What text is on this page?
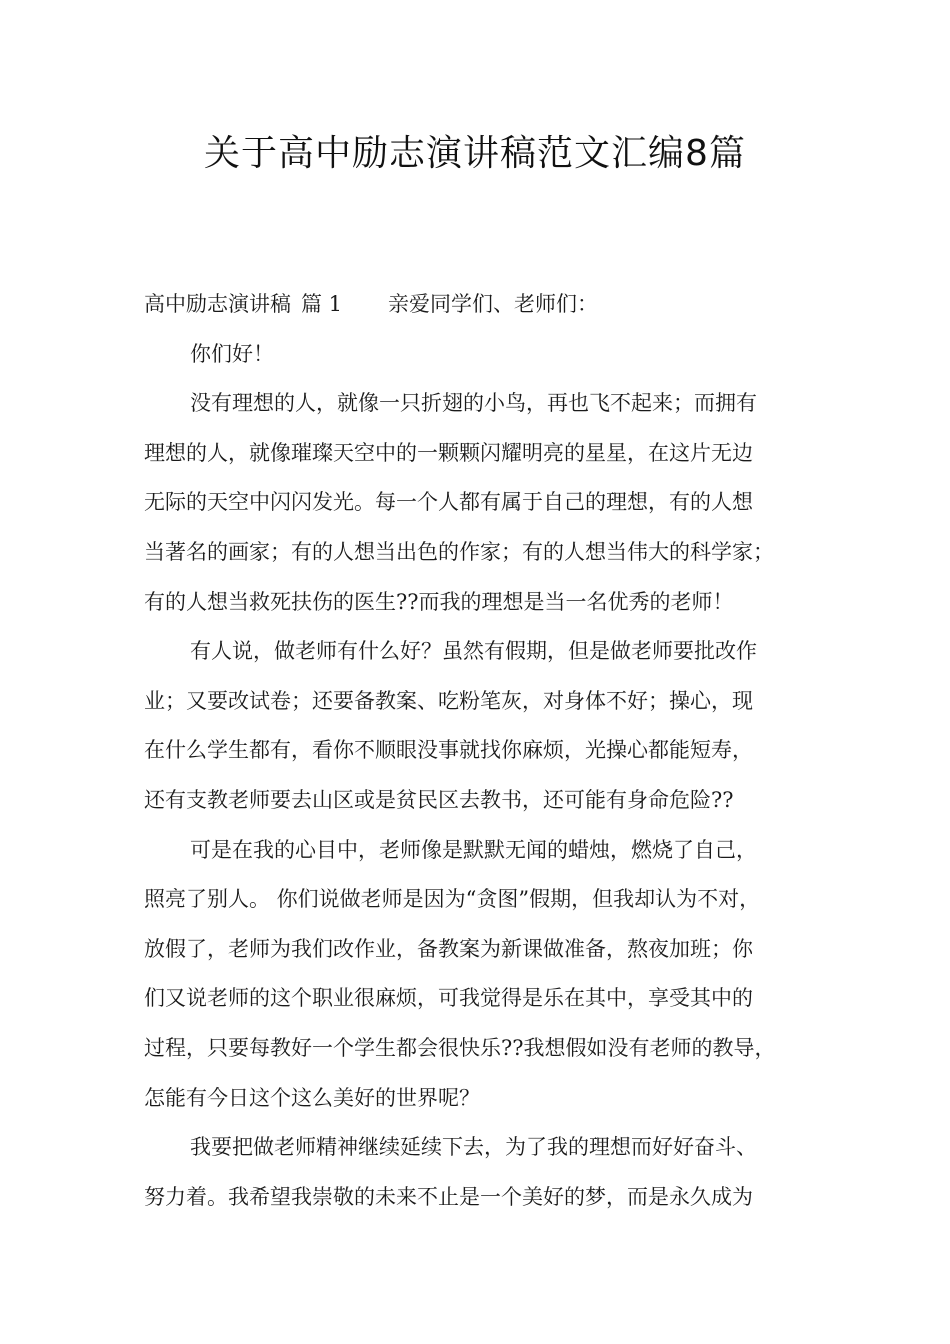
关于高中励志演讲稿范文汇编8篇
高中励志演讲稿 篇 1 亲爱同学们、老师们：
你们好！
没有理想的人，就像一只折翅的小鸟，再也飞不起来；而拥有
理想的人，就像璀璨天空中的一颗颗闪耀明亮的星星，在这片无边
无际的天空中闪闪发光。每一个人都有属于自己的理想，有的人想
当著名的画家；有的人想当出色的作家；有的人想当伟大的科学家；
有的人想当救死扶伤的医生??而我的理想是当一名优秀的老师！
有人说，做老师有什么好？虽然有假期，但是做老师要批改作
业；又要改试卷；还要备教案、吃粉笔灰，对身体不好；操心，现
在什么学生都有，看你不顺眼没事就找你麻烦，光操心都能短寿，
还有支教老师要去山区或是贫民区去教书，还可能有身命危险??
可是在我的心目中，老师像是默默无闻的蜡烛，燃烧了自己，
照亮了别人。 你们说做老师是因为“贪图”假期，但我却认为不对，
放假了，老师为我们改作业，备教案为新课做准备，熬夜加班；你
们又说老师的这个职业很麻烦，可我觉得是乐在其中，享受其中的
过程，只要每教好一个学生都会很快乐??我想假如没有老师的教导，
怎能有今日这个这么美好的世界呢？
我要把做老师精神继续延续下去，为了我的理想而好好奋斗、
努力着。我希望我崇敬的未来不止是一个美好的梦，而是永久成为
